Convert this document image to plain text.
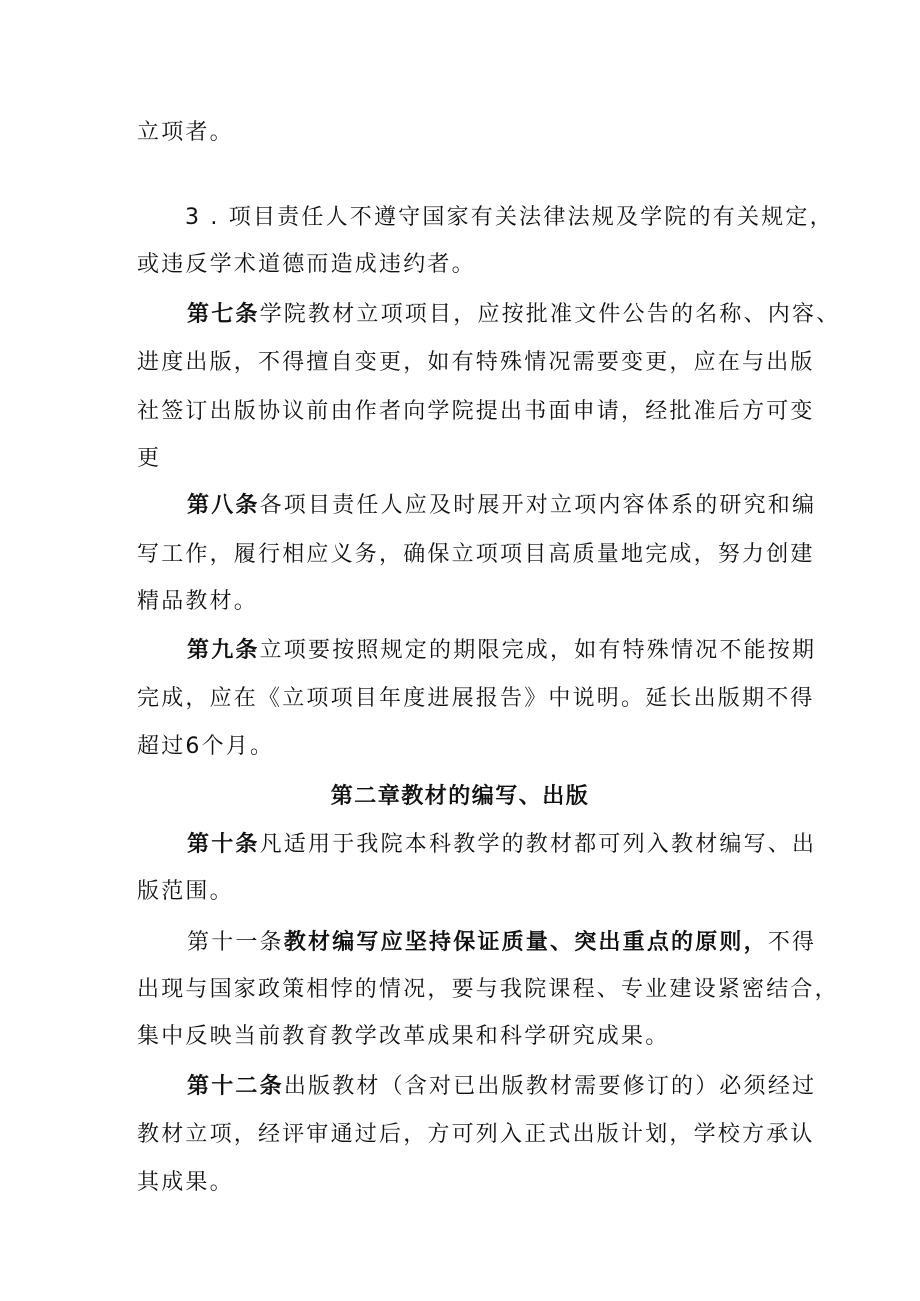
立项者。
3 . 项目责任人不遵守国家有关法律法规及学院的有关规定，
或违反学术道德而造成违约者。
第七条学院教材立项项目，应按批准文件公告的名称、内容、
进度出版，不得擅自变更，如有特殊情况需要变更，应在与出版
社签订出版协议前由作者向学院提出书面申请，经批准后方可变
更
第八条各项目责任人应及时展开对立项内容体系的研究和编
写工作，履行相应义务，确保立项项目高质量地完成，努力创建
精品教材。
第九条立项要按照规定的期限完成，如有特殊情况不能按期
完成，应在《立项项目年度进展报告》中说明。延长出版期不得
超过6个月。
第二章教材的编写、出版
第十条凡适用于我院本科教学的教材都可列入教材编写、出
版范围。
第十一条教材编写应坚持保证质量、突出重点的原则，不得
出现与国家政策相悖的情况，要与我院课程、专业建设紧密结合，
集中反映当前教育教学改革成果和科学研究成果。
第十二条出版教材（含对已出版教材需要修订的）必须经过
教材立项，经评审通过后，方可列入正式出版计划，学校方承认
其成果。
